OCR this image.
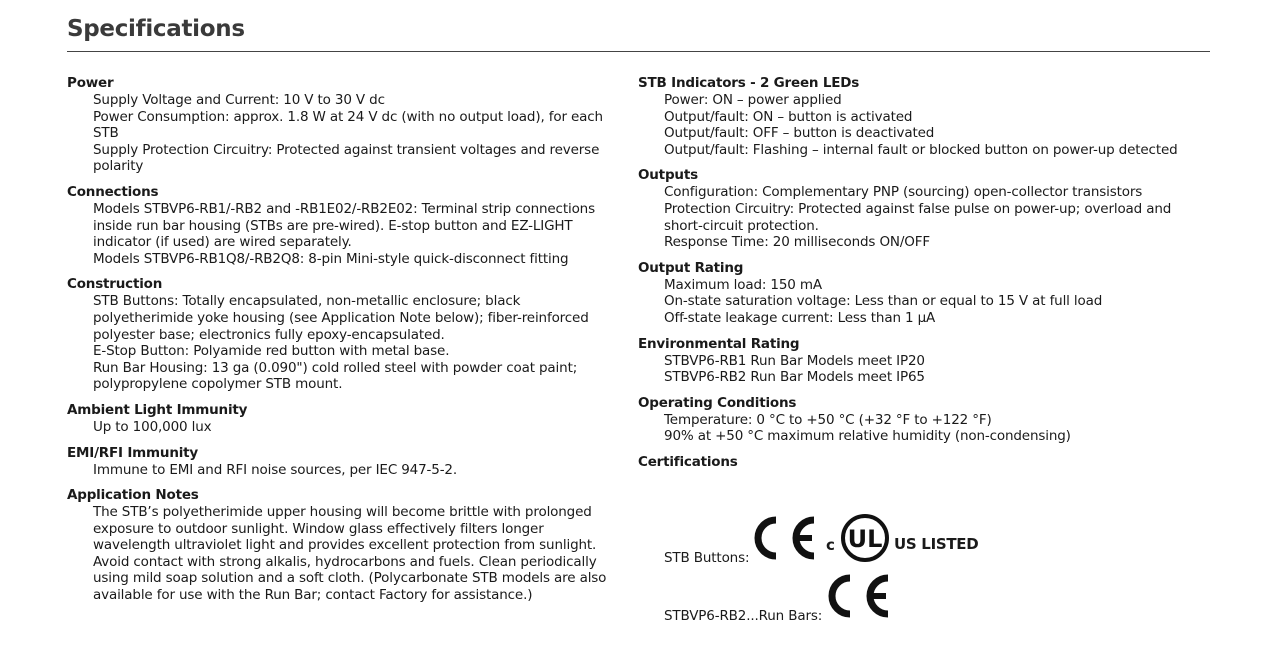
Specifications
Power
Supply Voltage and Current: 10 V to 30 V dc
Power Consumption: approx. 1.8 W at 24 V dc (with no output load), for each
STB
Supply Protection Circuitry: Protected against transient voltages and reverse
polarity
Connections
Models STBVP6-RB1/-RB2 and -RB1E02/-RB2E02: Terminal strip connections
inside run bar housing (STBs are pre-wired). E-stop button and EZ-LIGHT
indicator (if used) are wired separately.
Models STBVP6-RB1Q8/-RB2Q8: 8-pin Mini-style quick-disconnect fitting
Construction
STB Buttons: Totally encapsulated, non-metallic enclosure; black
polyetherimide yoke housing (see Application Note below); fiber-reinforced
polyester base; electronics fully epoxy-encapsulated.
E-Stop Button: Polyamide red button with metal base.
Run Bar Housing: 13 ga (0.090") cold rolled steel with powder coat paint;
polypropylene copolymer STB mount.
Ambient Light Immunity
Up to 100,000 lux
EMI/RFI Immunity
Immune to EMI and RFI noise sources, per IEC 947-5-2.
Application Notes
The STB’s polyetherimide upper housing will become brittle with prolonged
exposure to outdoor sunlight. Window glass effectively filters longer
wavelength ultraviolet light and provides excellent protection from sunlight.
Avoid contact with strong alkalis, hydrocarbons and fuels. Clean periodically
using mild soap solution and a soft cloth. (Polycarbonate STB models are also
available for use with the Run Bar; contact Factory for assistance.)
STB Indicators - 2 Green LEDs
Power: ON – power applied
Output/fault: ON – button is activated
Output/fault: OFF – button is deactivated
Output/fault: Flashing – internal fault or blocked button on power-up detected
Outputs
Configuration: Complementary PNP (sourcing) open-collector transistors
Protection Circuitry: Protected against false pulse on power-up; overload and
short-circuit protection.
Response Time: 20 milliseconds ON/OFF
Output Rating
Maximum load: 150 mA
On-state saturation voltage: Less than or equal to 15 V at full load
Off-state leakage current: Less than 1 µA
Environmental Rating
STBVP6-RB1 Run Bar Models meet IP20
STBVP6-RB2 Run Bar Models meet IP65
Operating Conditions
Temperature: 0 °C to +50 °C (+32 °F to +122 °F)
90% at +50 °C maximum relative humidity (non-condensing)
Certifications
STB Buttons:
STBVP6-RB2...Run Bars:
c UL US LISTED
